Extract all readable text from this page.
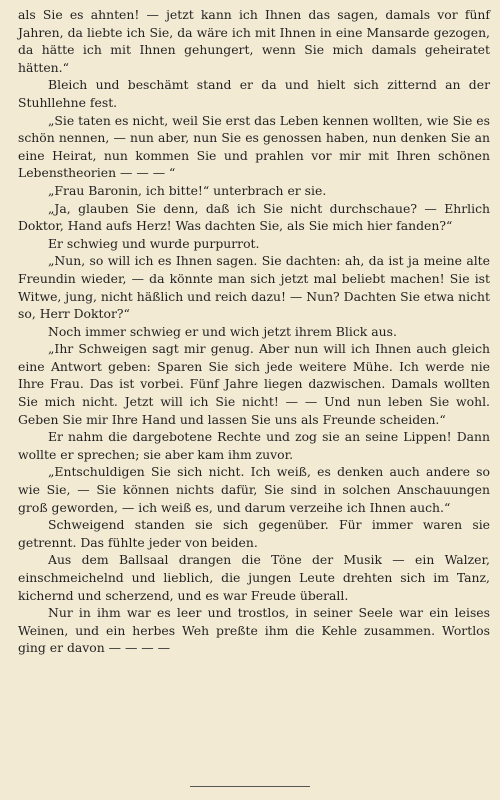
als Sie es ahnten! — jetzt kann ich Ihnen das sagen, damals vor fünf Jahren, da liebte ich Sie, da wäre ich mit Ihnen in eine Mansarde gezogen, da hätte ich mit Ihnen gehungert, wenn Sie mich damals geheiratet hätten.“

Bleich und beschämt stand er da und hielt sich zitternd an der Stuhllehne fest.

„Sie taten es nicht, weil Sie erst das Leben kennen wollten, wie Sie es schön nennen, — nun aber, nun Sie es genossen haben, nun denken Sie an eine Heirat, nun kommen Sie und prahlen vor mir mit Ihren schönen Lebenstheorien — — — “

„Frau Baronin, ich bitte!“ unterbrach er sie.

„Ja, glauben Sie denn, daß ich Sie nicht durchschaue? — Ehrlich Doktor, Hand aufs Herz! Was dachten Sie, als Sie mich hier fanden?“

Er schwieg und wurde purpurrot.

„Nun, so will ich es Ihnen sagen. Sie dachten: ah, da ist ja meine alte Freundin wieder, — da könnte man sich jetzt mal beliebt machen! Sie ist Witwe, jung, nicht häßlich und reich dazu! — Nun? Dachten Sie etwa nicht so, Herr Doktor?“

Noch immer schwieg er und wich jetzt ihrem Blick aus.

„Ihr Schweigen sagt mir genug. Aber nun will ich Ihnen auch gleich eine Antwort geben: Sparen Sie sich jede weitere Mühe. Ich werde nie Ihre Frau. Das ist vorbei. Fünf Jahre liegen dazwischen. Damals wollten Sie mich nicht. Jetzt will ich Sie nicht! — — Und nun leben Sie wohl. Geben Sie mir Ihre Hand und lassen Sie uns als Freunde scheiden.“

Er nahm die dargebotene Rechte und zog sie an seine Lippen! Dann wollte er sprechen; sie aber kam ihm zuvor.

„Entschuldigen Sie sich nicht. Ich weiß, es denken auch andere so wie Sie, — Sie können nichts dafür, Sie sind in solchen Anschauungen groß geworden, — ich weiß es, und darum verzeihe ich Ihnen auch.“

Schweigend standen sie sich gegenüber. Für immer waren sie getrennt. Das fühlte jeder von beiden.

Aus dem Ballsaal drangen die Töne der Musik — ein Walzer, einschmeichelnd und lieblich, die jungen Leute drehten sich im Tanz, kichernd und scherzend, und es war Freude überall.

Nur in ihm war es leer und trostlos, in seiner Seele war ein leises Weinen, und ein herbes Weh preßte ihm die Kehle zusammen. Wortlos ging er davon — — — —
